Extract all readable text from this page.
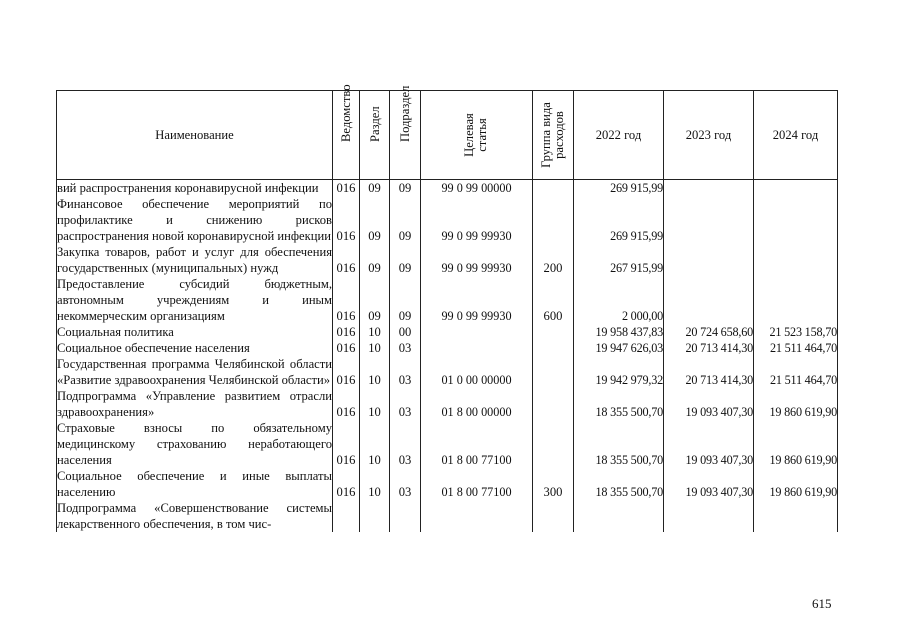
Наименование	Ведомство	Раздел	Подраздел	Целевая статья	Группа вида расходов	2022 год	2023 год	2024 год
вий распространения коронавирусной инфекции	016	09	09	99 0 99 00000		269 915,99		
Финансовое обеспечение мероприятий по профилактике и снижению рисков распространения новой коронавирусной инфекции	016	09	09	99 0 99 99930		269 915,99		
Закупка товаров, работ и услуг для обеспечения государственных (муниципальных) нужд	016	09	09	99 0 99 99930	200	267 915,99		
Предоставление субсидий бюджетным, автономным учреждениям и иным некоммерческим организациям	016	09	09	99 0 99 99930	600	2 000,00		
Социальная политика	016	10	00			19 958 437,83	20 724 658,60	21 523 158,70
Социальное обеспечение населения	016	10	03			19 947 626,03	20 713 414,30	21 511 464,70
Государственная программа Челябинской области «Развитие здравоохранения Челябинской области»	016	10	03	01 0 00 00000		19 942 979,32	20 713 414,30	21 511 464,70
Подпрограмма «Управление развитием отрасли здравоохранения»	016	10	03	01 8 00 00000		18 355 500,70	19 093 407,30	19 860 619,90
Страховые взносы по обязательному медицинскому страхованию неработающего населения	016	10	03	01 8 00 77100		18 355 500,70	19 093 407,30	19 860 619,90
Социальное обеспечение и иные выплаты населению	016	10	03	01 8 00 77100	300	18 355 500,70	19 093 407,30	19 860 619,90
Подпрограмма «Совершенствование системы лекарственного обеспечения, в том чис-								
615
